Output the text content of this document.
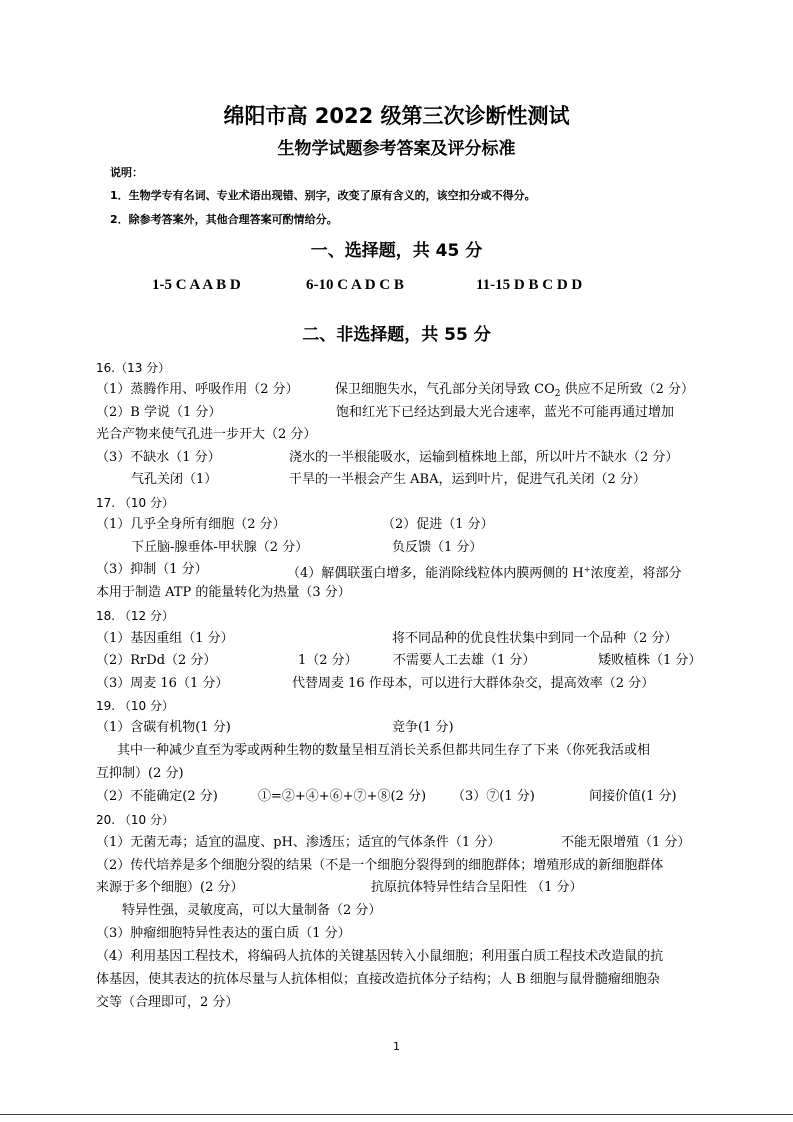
绵阳市高 2022 级第三次诊断性测试
生物学试题参考答案及评分标准
说明：
1．生物学专有名词、专业术语出现错、别字，改变了原有含义的，该空扣分或不得分。
2．除参考答案外，其他合理答案可酌情给分。
一、选择题，共 45 分
1-5 C A A B D	6-10 C A D C B	11-15 D B C D D
二、非选择题，共 55 分
16.（13 分）
（1）蒸腾作用、呼吸作用（2 分）	保卫细胞失水，气孔部分关闭导致 $CO_2$ 供应不足所致（2 分）
（2）B 学说（1 分）	饱和红光下已经达到最大光合速率，蓝光不可能再通过增加
光合产物来使气孔进一步开大（2 分）
（3）不缺水（1 分）	浇水的一半根能吸水，运输到植株地上部，所以叶片不缺水（2 分）
气孔关闭（1）	干旱的一半根会产生 ABA，运到叶片，促进气孔关闭（2 分）
17. （10 分）
（1）几乎全身所有细胞（2 分）	（2）促进（1 分）
下丘脑-腺垂体-甲状腺（2 分）	负反馈（1 分）
（3）抑制（1 分）	（4）解偶联蛋白增多，能消除线粒体内膜两侧的 H+浓度差，将部分
本用于制造 ATP 的能量转化为热量（3 分）
18. （12 分）
（1）基因重组（1 分）	将不同品种的优良性状集中到同一个品种（2 分）
（2）RrDd（2 分）	1（2 分）	不需要人工去雄（1 分）	矮败植株（1 分）
（3）周麦 16（1 分）	代替周麦 16 作母本，可以进行大群体杂交，提高效率（2 分）
19. （10 分）
（1）含碳有机物(1 分)	竞争(1 分)
其中一种减少直至为零或两种生物的数量呈相互消长关系但都共同生存了下来（你死我活或相
互抑制）(2 分)
（2）不能确定(2 分)	①=②+④+⑥+⑦+⑧(2 分) （3）⑦(1 分)	间接价值(1 分)
20. （10 分）
（1）无菌无毒；适宜的温度、pH、渗透压；适宜的气体条件（1 分）	不能无限增殖（1 分）
（2）传代培养是多个细胞分裂的结果（不是一个细胞分裂得到的细胞群体；增殖形成的新细胞群体
来源于多个细胞）(2 分）	抗原抗体特异性结合呈阳性 （1 分）
特异性强，灵敏度高，可以大量制备（2 分）
（3）肿瘤细胞特异性表达的蛋白质（1 分）
（4）利用基因工程技术，将编码人抗体的关键基因转入小鼠细胞；利用蛋白质工程技术改造鼠的抗
体基因，使其表达的抗体尽量与人抗体相似；直接改造抗体分子结构；人 B 细胞与鼠骨髓瘤细胞杂
交等（合理即可，2 分）
1
